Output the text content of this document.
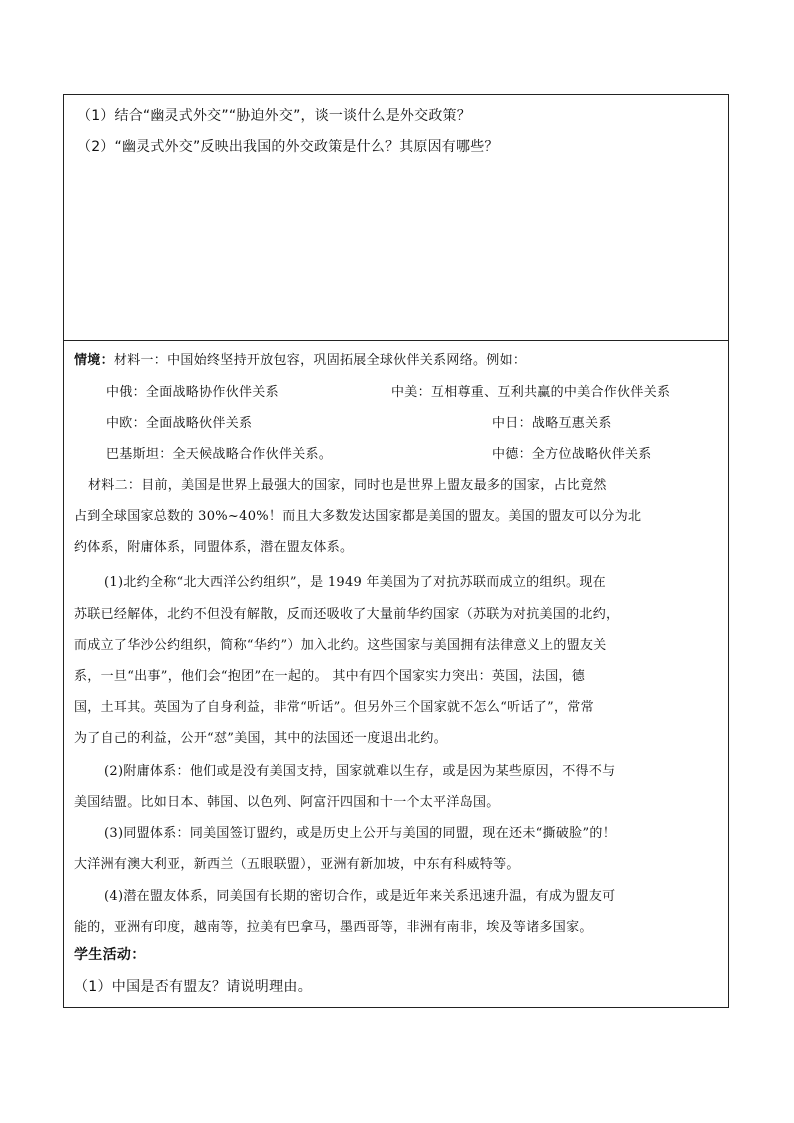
（1）结合“幽灵式外交”“胁迫外交”，谈一谈什么是外交政策？
（2）“幽灵式外交”反映出我国的外交政策是什么？其原因有哪些？
情境：材料一：中国始终坚持开放包容，巩固拓展全球伙伴关系网络。例如：
中俄：全面战略协作伙伴关系	中美：互相尊重、互利共赢的中美合作伙伴关系
中欧：全面战略伙伴关系	中日：战略互惠关系
巴基斯坦：全天候战略合作伙伴关系。	中德：全方位战略伙伴关系
材料二：目前，美国是世界上最强大的国家，同时也是世界上盟友最多的国家，占比竟然
占到全球国家总数的 30%~40%！而且大多数发达国家都是美国的盟友。美国的盟友可以分为北
约体系，附庸体系，同盟体系，潜在盟友体系。
(1)北约全称“北大西洋公约组织”，是 1949 年美国为了对抗苏联而成立的组织。现在
苏联已经解体，北约不但没有解散，反而还吸收了大量前华约国家（苏联为对抗美国的北约，
而成立了华沙公约组织，简称“华约”）加入北约。这些国家与美国拥有法律意义上的盟友关
系，一旦“出事”，他们会“抱团”在一起的。 其中有四个国家实力突出：英国，法国，德
国，土耳其。英国为了自身利益，非常“听话”。但另外三个国家就不怎么“听话了”，常常
为了自己的利益，公开“怼”美国，其中的法国还一度退出北约。
(2)附庸体系：他们或是没有美国支持，国家就难以生存，或是因为某些原因，不得不与
美国结盟。比如日本、韩国、以色列、阿富汗四国和十一个太平洋岛国。
(3)同盟体系：同美国签订盟约，或是历史上公开与美国的同盟，现在还未“撕破脸”的！
大洋洲有澳大利亚，新西兰（五眼联盟），亚洲有新加坡，中东有科威特等。
(4)潜在盟友体系，同美国有长期的密切合作，或是近年来关系迅速升温，有成为盟友可
能的，亚洲有印度，越南等，拉美有巴拿马，墨西哥等，非洲有南非，埃及等诸多国家。
学生活动：
（1）中国是否有盟友？请说明理由。
